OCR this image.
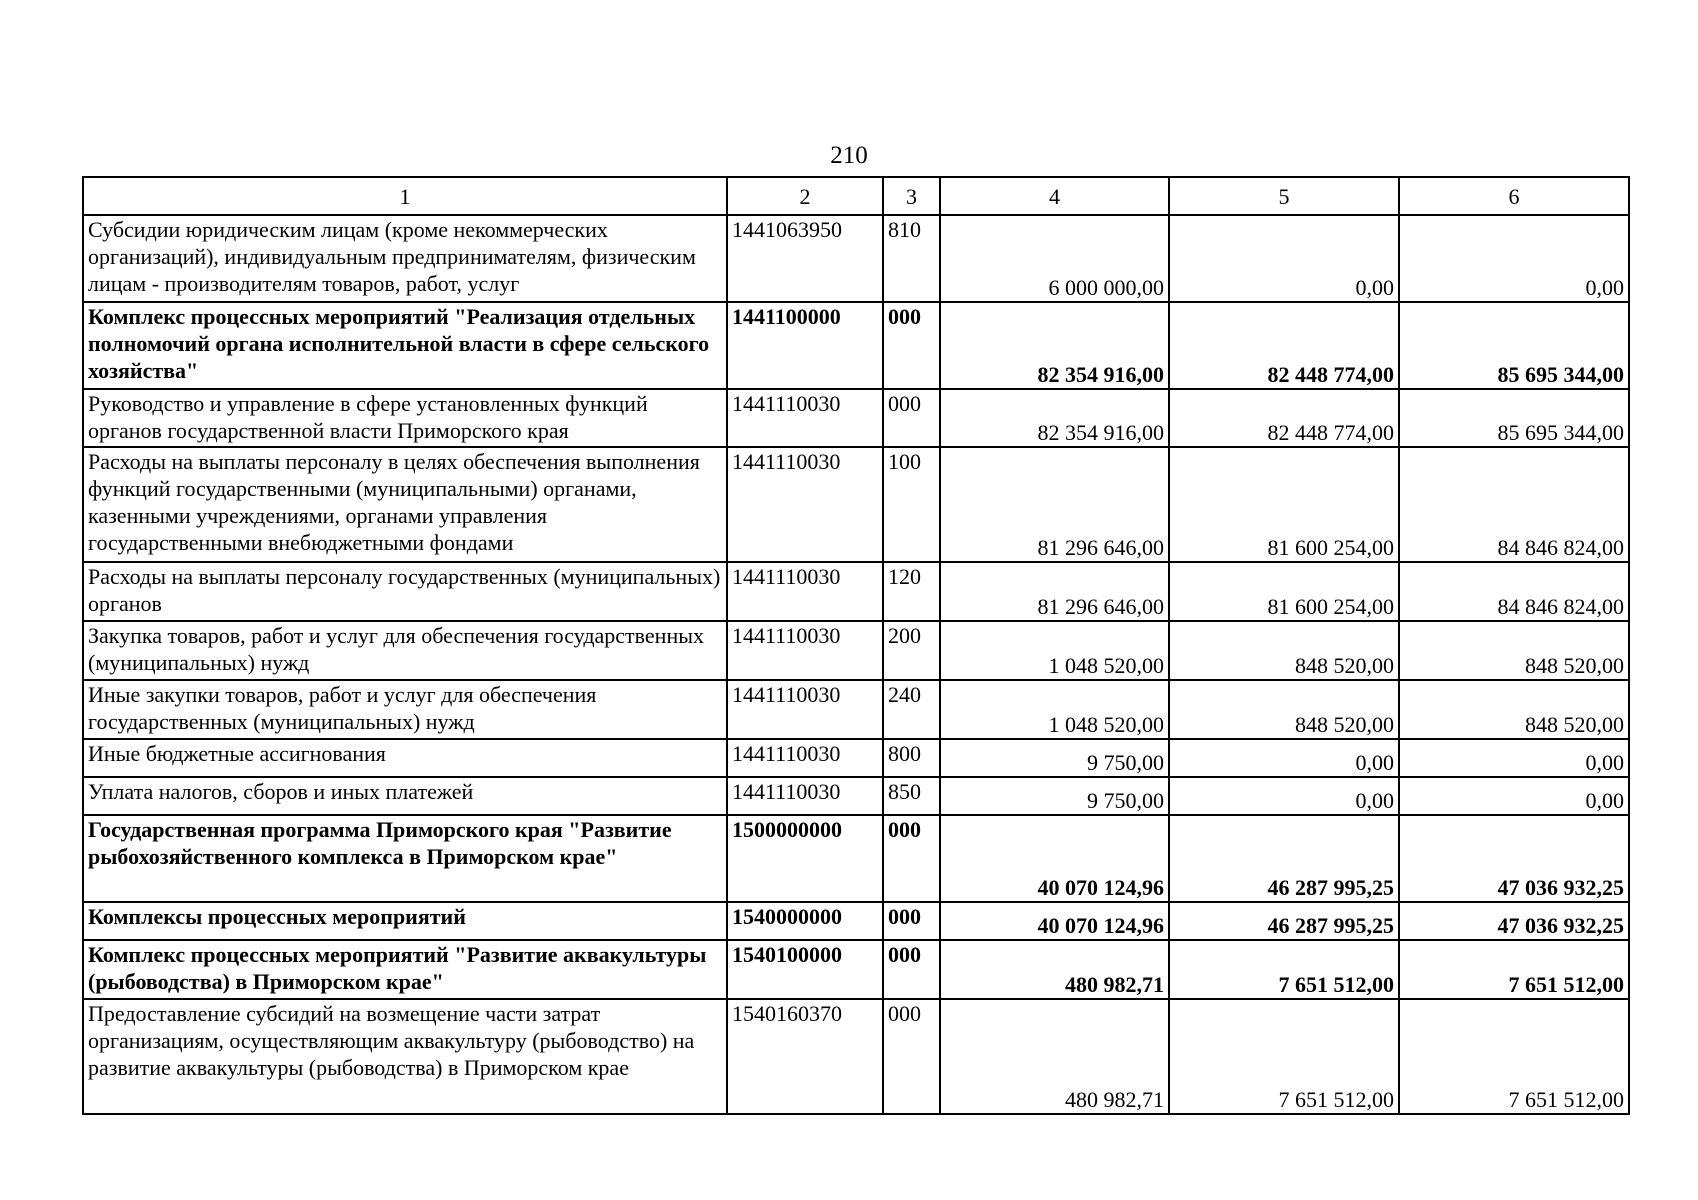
210
1	2	3	4	5	6
Субсидии юридическим лицам (кроме некоммерческих организаций), индивидуальным предпринимателям, физическим лицам - производителям товаров, работ, услуг	1441063950	810	6 000 000,00	0,00	0,00
Комплекс процессных мероприятий "Реализация отдельных полномочий органа исполнительной власти в сфере сельского хозяйства"	1441100000	000	82 354 916,00	82 448 774,00	85 695 344,00
Руководство и управление в сфере установленных функций органов государственной власти Приморского края	1441110030	000	82 354 916,00	82 448 774,00	85 695 344,00
Расходы на выплаты персоналу в целях обеспечения выполнения функций государственными (муниципальными) органами, казенными учреждениями, органами управления государственными внебюджетными фондами	1441110030	100	81 296 646,00	81 600 254,00	84 846 824,00
Расходы на выплаты персоналу государственных (муниципальных) органов	1441110030	120	81 296 646,00	81 600 254,00	84 846 824,00
Закупка товаров, работ и услуг для обеспечения государственных (муниципальных) нужд	1441110030	200	1 048 520,00	848 520,00	848 520,00
Иные закупки товаров, работ и услуг для обеспечения государственных (муниципальных) нужд	1441110030	240	1 048 520,00	848 520,00	848 520,00
Иные бюджетные ассигнования	1441110030	800	9 750,00	0,00	0,00
Уплата налогов, сборов и иных платежей	1441110030	850	9 750,00	0,00	0,00
Государственная программа Приморского края "Развитие рыбохозяйственного комплекса в Приморском крае"	1500000000	000	40 070 124,96	46 287 995,25	47 036 932,25
Комплексы процессных мероприятий	1540000000	000	40 070 124,96	46 287 995,25	47 036 932,25
Комплекс процессных мероприятий "Развитие аквакультуры (рыбоводства) в Приморском крае"	1540100000	000	480 982,71	7 651 512,00	7 651 512,00
Предоставление субсидий на возмещение части затрат организациям, осуществляющим аквакультуру (рыбоводство) на развитие аквакультуры (рыбоводства) в Приморском крае	1540160370	000	480 982,71	7 651 512,00	7 651 512,00
